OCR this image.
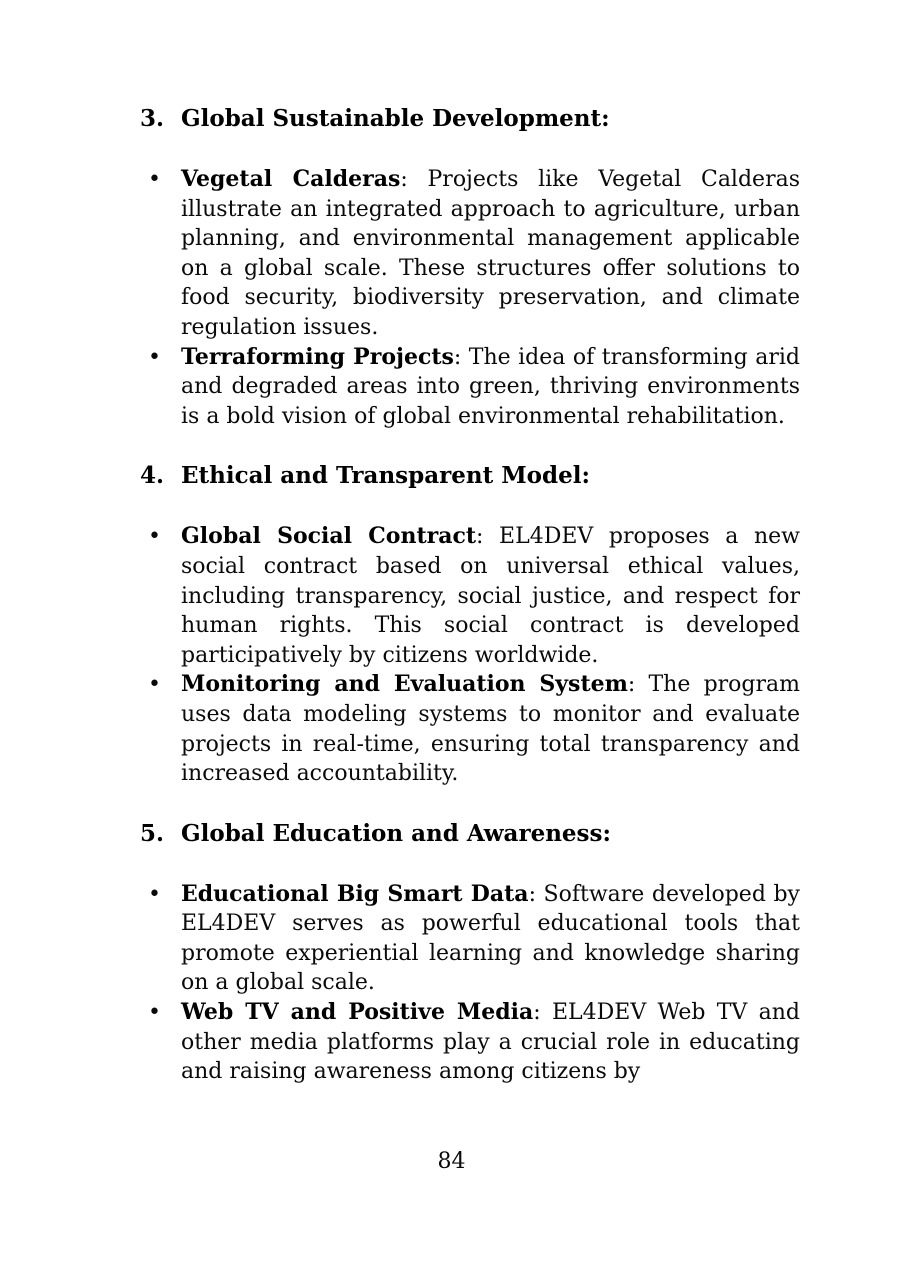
3. Global Sustainable Development:
• Vegetal Calderas: Projects like Vegetal Calderas illustrate an integrated approach to agriculture, urban planning, and environmental management applicable on a global scale. These structures offer solutions to food security, biodiversity preservation, and climate regulation issues.
• Terraforming Projects: The idea of transforming arid and degraded areas into green, thriving environments is a bold vision of global environmental rehabilitation.
4. Ethical and Transparent Model:
• Global Social Contract: EL4DEV proposes a new social contract based on universal ethical values, including transparency, social justice, and respect for human rights. This social contract is developed participatively by citizens worldwide.
• Monitoring and Evaluation System: The program uses data modeling systems to monitor and evaluate projects in real-time, ensuring total transparency and increased accountability.
5. Global Education and Awareness:
• Educational Big Smart Data: Software developed by EL4DEV serves as powerful educational tools that promote experiential learning and knowledge sharing on a global scale.
• Web TV and Positive Media: EL4DEV Web TV and other media platforms play a crucial role in educating and raising awareness among citizens by
84
